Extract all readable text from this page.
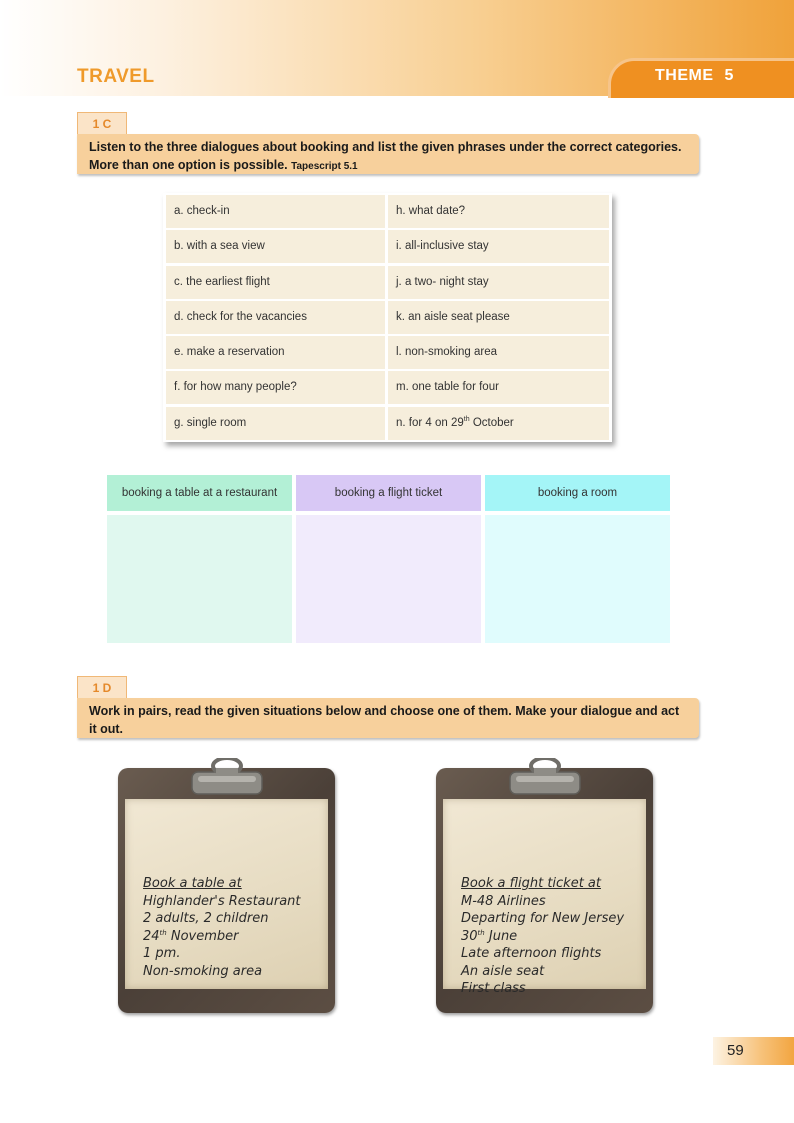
TRAVEL	THEME 5
1 C
Listen to the three dialogues about booking and list the given phrases under the correct categories. More than one option is possible. Tapescript 5.1
a. check-in	h. what date?
b. with a sea view	i. all-inclusive stay
c. the earliest flight	j. a two- night stay
d. check for the vacancies	k. an aisle seat please
e. make a reservation	l. non-smoking area
f. for how many people?	m. one table for four
g. single room	n. for 4 on 29th October
booking a table at a restaurant	booking a flight ticket	booking a room
1 D
Work in pairs, read the given situations below and choose one of them. Make your dialogue and act it out.
Book a table at
Highlander's Restaurant
2 adults, 2 children
24th November
1 pm.
Non-smoking area
Book a flight ticket at
M-48 Airlines
Departing for New Jersey
30th June
Late afternoon flights
An aisle seat
First class
59
